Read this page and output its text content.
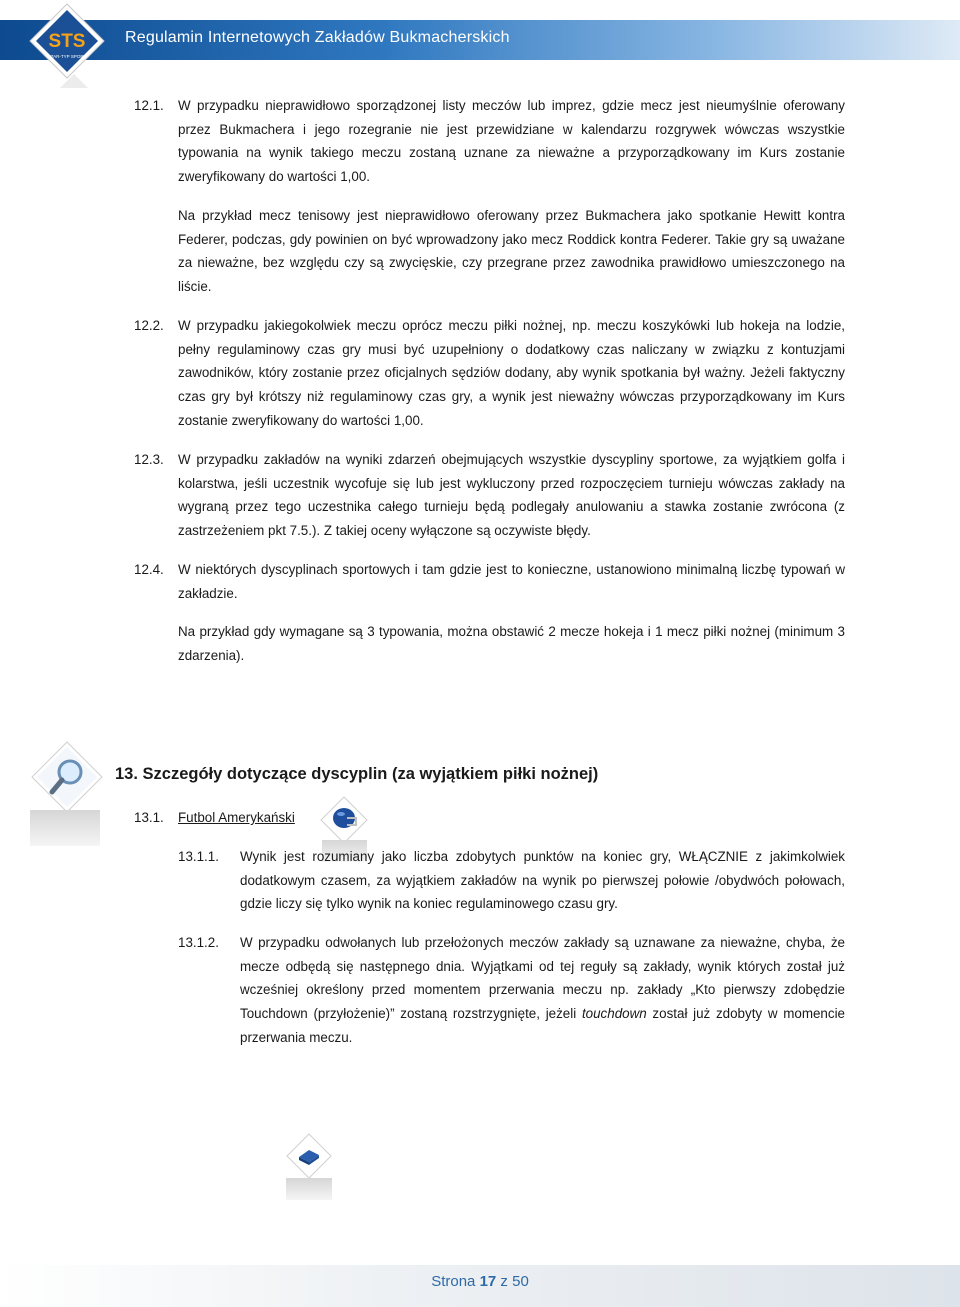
Regulamin Internetowych Zakładów Bukmacherskich
STS
STAR-TYP SPORT
12.1. W przypadku nieprawidłowo sporządzonej listy meczów lub imprez, gdzie mecz jest nieumyślnie oferowany przez Bukmachera i jego rozegranie nie jest przewidziane w kalendarzu rozgrywek wówczas wszystkie typowania na wynik takiego meczu zostaną uznane za nieważne a przyporządkowany im Kurs zostanie zweryfikowany do wartości 1,00.
Na przykład mecz tenisowy jest nieprawidłowo oferowany przez Bukmachera jako spotkanie Hewitt kontra Federer, podczas, gdy powinien on być wprowadzony jako mecz Roddick kontra Federer. Takie gry są uważane za nieważne, bez względu czy są zwycięskie, czy przegrane przez zawodnika prawidłowo umieszczonego na liście.
12.2. W przypadku jakiegokolwiek meczu oprócz meczu piłki nożnej, np. meczu koszykówki lub hokeja na lodzie, pełny regulaminowy czas gry musi być uzupełniony o dodatkowy czas naliczany w związku z kontuzjami zawodników, który zostanie przez oficjalnych sędziów dodany, aby wynik spotkania był ważny. Jeżeli faktyczny czas gry był krótszy niż regulaminowy czas gry, a wynik jest nieważny wówczas przyporządkowany im Kurs zostanie zweryfikowany do wartości 1,00.
12.3. W przypadku zakładów na wyniki zdarzeń obejmujących wszystkie dyscypliny sportowe, za wyjątkiem golfa i kolarstwa, jeśli uczestnik wycofuje się lub jest wykluczony przed rozpoczęciem turnieju wówczas zakłady na wygraną przez tego uczestnika całego turnieju będą podlegały anulowaniu a stawka zostanie zwrócona (z zastrzeżeniem pkt 7.5.). Z takiej oceny wyłączone są oczywiste błędy.
12.4. W niektórych dyscyplinach sportowych i tam gdzie jest to konieczne, ustanowiono minimalną liczbę typowań w zakładzie.
Na przykład gdy wymagane są 3 typowania, można obstawić 2 mecze hokeja i 1 mecz piłki nożnej (minimum 3 zdarzenia).
13. Szczegóły dotyczące dyscyplin (za wyjątkiem piłki nożnej)
13.1. Futbol Amerykański
13.1.1. Wynik jest rozumiany jako liczba zdobytych punktów na koniec gry, WŁĄCZNIE z jakimkolwiek dodatkowym czasem, za wyjątkiem zakładów na wynik po pierwszej połowie /obydwóch połowach, gdzie liczy się tylko wynik na koniec regulaminowego czasu gry.
13.1.2. W przypadku odwołanych lub przełożonych meczów zakłady są uznawane za nieważne, chyba, że mecze odbędą się następnego dnia. Wyjątkami od tej reguły są zakłady, wynik których został już wcześniej określony przed momentem przerwania meczu np. zakłady „Kto pierwszy zdobędzie Touchdown (przyłożenie)” zostaną rozstrzygnięte, jeżeli touchdown został już zdobyty w momencie przerwania meczu.
Strona 17 z 50
